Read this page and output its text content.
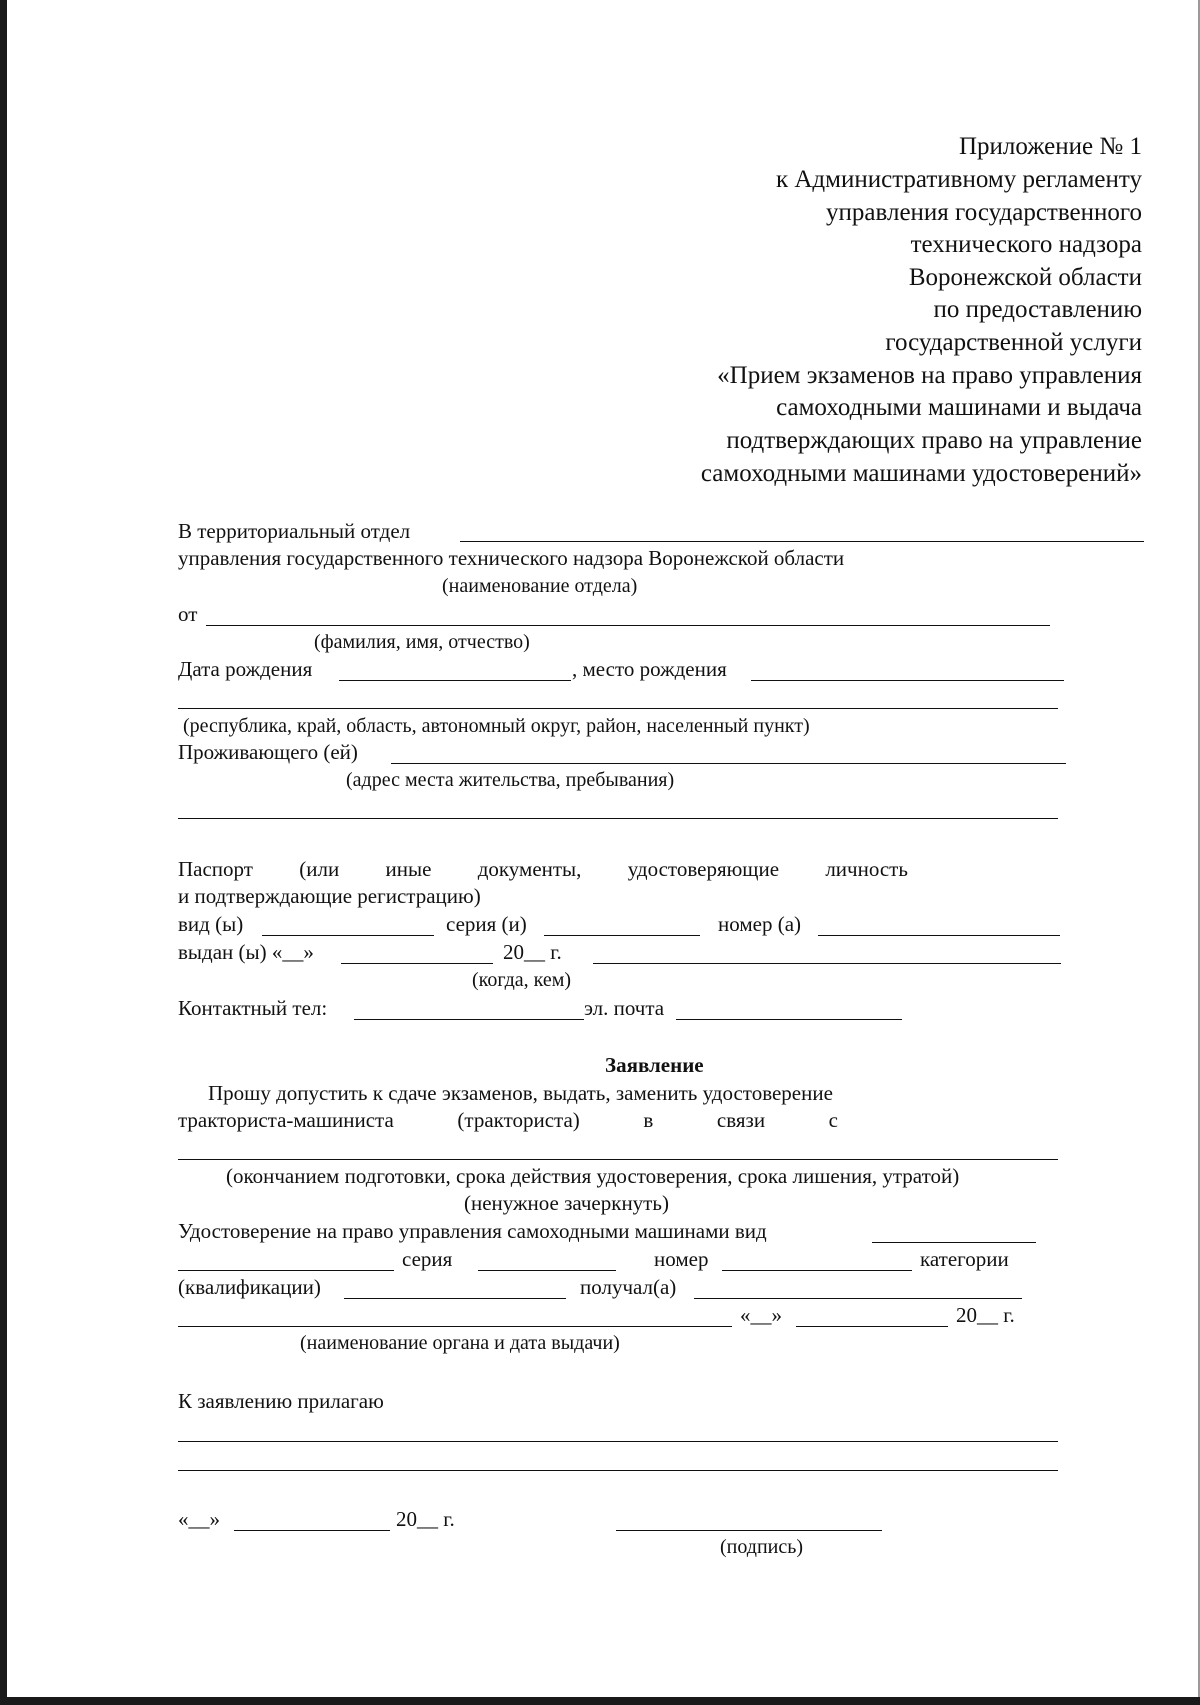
Приложение № 1
к Административному регламенту
управления государственного
технического надзора
Воронежской области
по предоставлению
государственной услуги
«Прием экзаменов на право управления
самоходными машинами и выдача
подтверждающих право на управление
самоходными машинами удостоверений»
В территориальный отдел
управления государственного технического надзора Воронежской области
(наименование отдела)
от
(фамилия, имя, отчество)
Дата рождения	, место рождения
(республика, край, область, автономный округ, район, населенный пункт)
Проживающего (ей)
(адрес места жительства, пребывания)
Паспорт (или иные документы, удостоверяющие личность
и подтверждающие регистрацию)
вид (ы)	серия (и)	номер (а)
выдан (ы) «__»	20__ г.
(когда, кем)
Контактный тел:	эл. почта
Заявление
Прошу допустить к сдаче экзаменов, выдать, заменить удостоверение
тракториста-машиниста	(тракториста)	в	связи	с
(окончанием подготовки, срока действия удостоверения, срока лишения, утратой)
(ненужное зачеркнуть)
Удостоверение на право управления самоходными машинами вид
серия	номер	категории
(квалификации)	получал(а)
«__»	20__ г.
(наименование органа и дата выдачи)
К заявлению прилагаю
«__»	20__ г.
(подпись)
